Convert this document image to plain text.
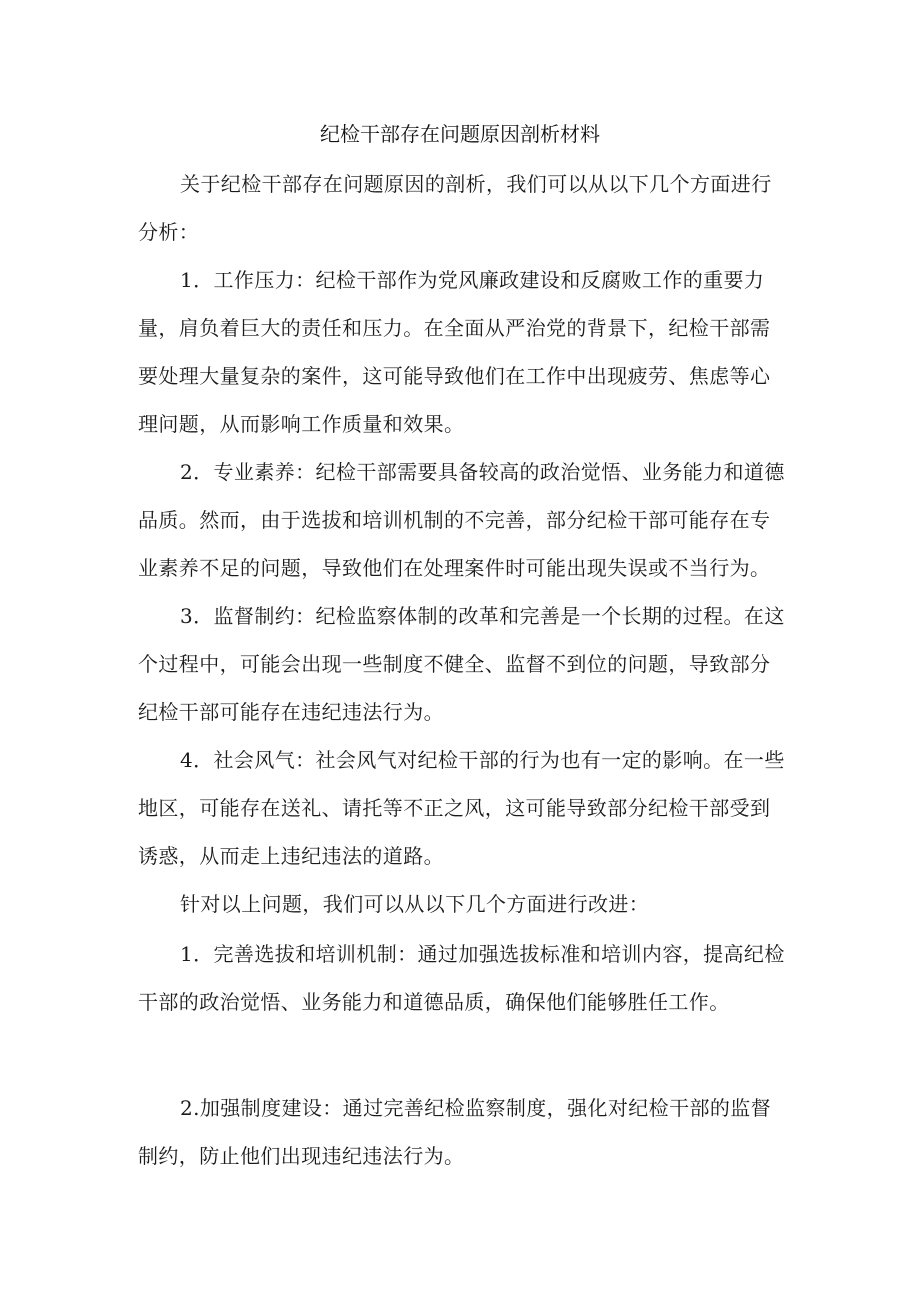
纪检干部存在问题原因剖析材料

关于纪检干部存在问题原因的剖析，我们可以从以下几个方面进行分析：

1．工作压力：纪检干部作为党风廉政建设和反腐败工作的重要力量，肩负着巨大的责任和压力。在全面从严治党的背景下，纪检干部需要处理大量复杂的案件，这可能导致他们在工作中出现疲劳、焦虑等心理问题，从而影响工作质量和效果。

2．专业素养：纪检干部需要具备较高的政治觉悟、业务能力和道德品质。然而，由于选拔和培训机制的不完善，部分纪检干部可能存在专业素养不足的问题，导致他们在处理案件时可能出现失误或不当行为。

3．监督制约：纪检监察体制的改革和完善是一个长期的过程。在这个过程中，可能会出现一些制度不健全、监督不到位的问题，导致部分纪检干部可能存在违纪违法行为。

4．社会风气：社会风气对纪检干部的行为也有一定的影响。在一些地区，可能存在送礼、请托等不正之风，这可能导致部分纪检干部受到诱惑，从而走上违纪违法的道路。

针对以上问题，我们可以从以下几个方面进行改进：

1．完善选拔和培训机制：通过加强选拔标准和培训内容，提高纪检干部的政治觉悟、业务能力和道德品质，确保他们能够胜任工作。

2.加强制度建设：通过完善纪检监察制度，强化对纪检干部的监督制约，防止他们出现违纪违法行为。
